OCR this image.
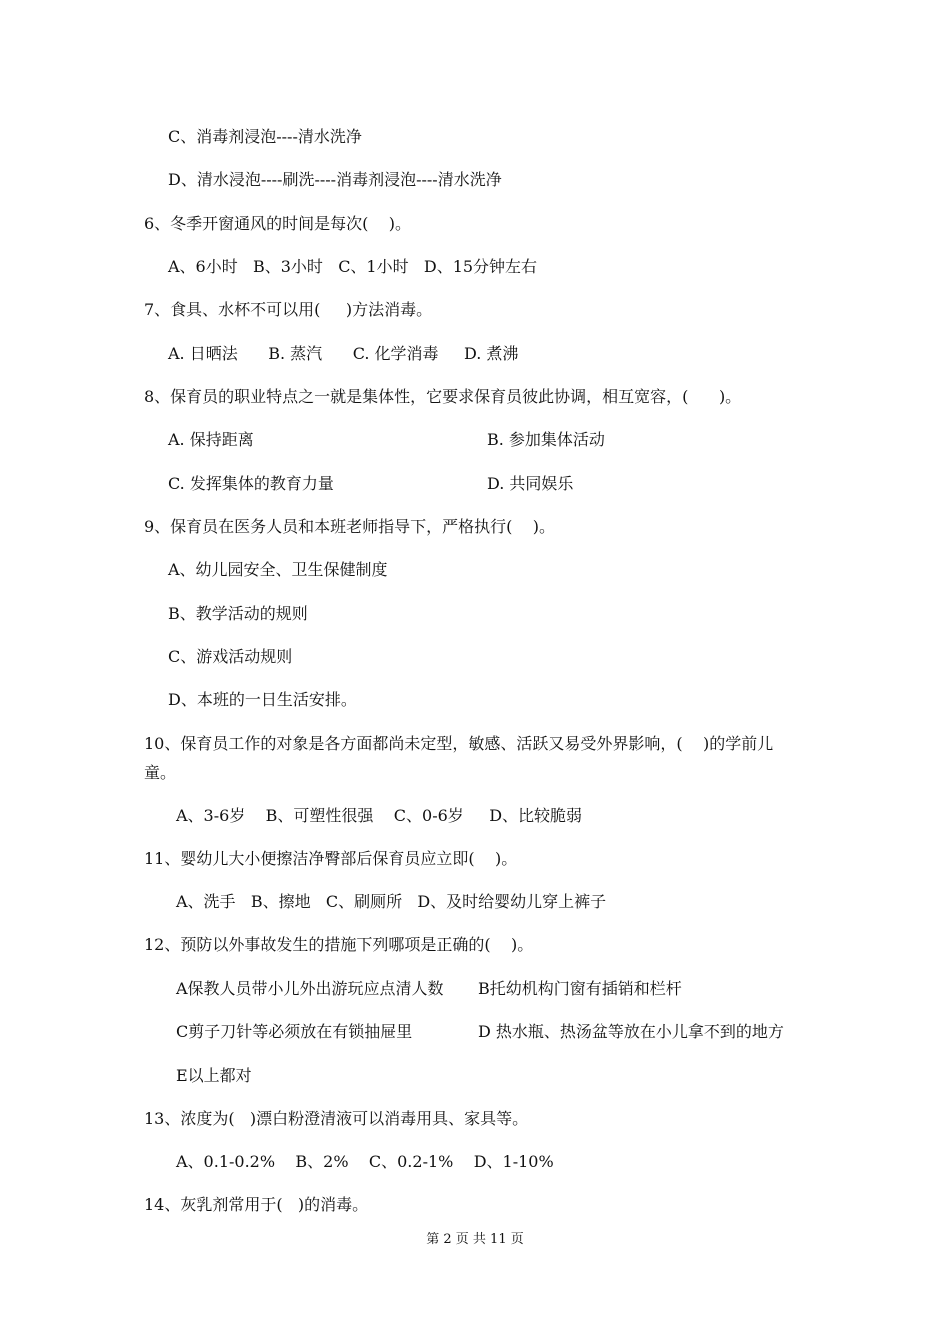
C、消毒剂浸泡----清水洗净
D、清水浸泡----刷洗----消毒剂浸泡----清水洗净
6、冬季开窗通风的时间是每次(    )。
A、6小时   B、3小时   C、1小时   D、15分钟左右
7、食具、水杯不可以用(     )方法消毒。
A. 日晒法      B. 蒸汽      C. 化学消毒     D. 煮沸
8、保育员的职业特点之一就是集体性，它要求保育员彼此协调，相互宽容，(      )。
A. 保持距离	B. 参加集体活动
C. 发挥集体的教育力量	D. 共同娱乐
9、保育员在医务人员和本班老师指导下，严格执行(    )。
A、幼儿园安全、卫生保健制度
B、教学活动的规则
C、游戏活动规则
D、本班的一日生活安排。
10、保育员工作的对象是各方面都尚未定型，敏感、活跃又易受外界影响，(    )的学前儿
童。
A、3-6岁    B、可塑性很强    C、0-6岁     D、比较脆弱
11、婴幼儿大小便擦洁净臀部后保育员应立即(    )。
A、洗手   B、擦地   C、刷厕所   D、及时给婴幼儿穿上裤子
12、预防以外事故发生的措施下列哪项是正确的(    )。
A保教人员带小儿外出游玩应点清人数 B托幼机构门窗有插销和栏杆
C剪子刀针等必须放在有锁抽屉里	D 热水瓶、热汤盆等放在小儿拿不到的地方
E以上都对
13、浓度为(   )漂白粉澄清液可以消毒用具、家具等。
A、0.1-0.2%    B、2%    C、0.2-1%    D、1-10%
14、灰乳剂常用于(   )的消毒。
第 2 页 共 11 页
